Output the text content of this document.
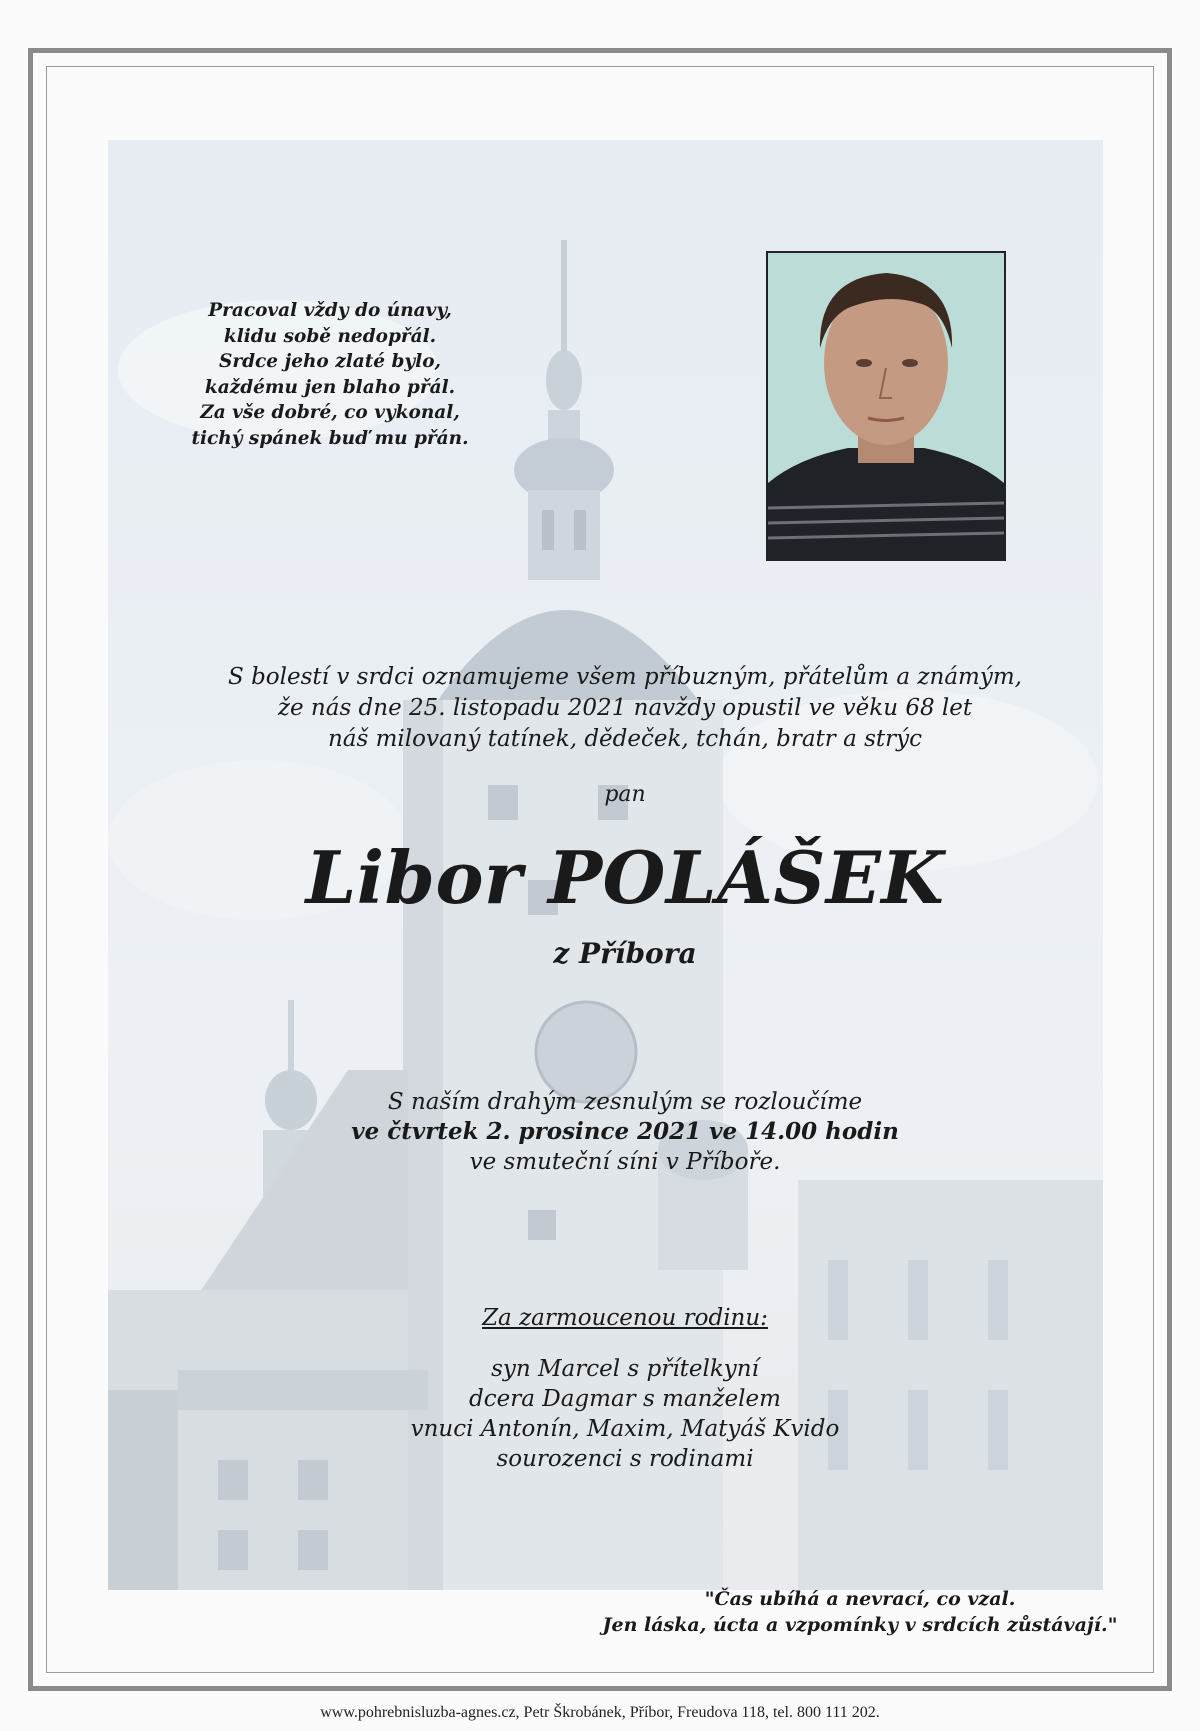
Pracoval vždy do únavy,
klidu sobě nedopřál.
Srdce jeho zlaté bylo,
každému jen blaho přál.
Za vše dobré, co vykonal,
tichý spánek buď mu přán.
S bolestí v srdci oznamujeme všem příbuzným, přátelům a známým,
že nás dne 25. listopadu 2021 navždy opustil ve věku 68 let
náš milovaný tatínek, dědeček, tchán, bratr a strýc
pan
Libor POLÁŠEK
z Příbora
S naším drahým zesnulým se rozloučíme
ve čtvrtek 2. prosince 2021 ve 14.00 hodin
ve smuteční síni v Příboře.
Za zarmoucenou rodinu:
syn Marcel s přítelkyní
dcera Dagmar s manželem
vnuci Antonín, Maxim, Matyáš Kvido
sourozenci s rodinami
"Čas ubíhá a nevrací, co vzal.
Jen láska, úcta a vzpomínky v srdcích zůstávají."
www.pohrebnisluzba-agnes.cz, Petr Škrobánek, Příbor, Freudova 118, tel. 800 111 202.
